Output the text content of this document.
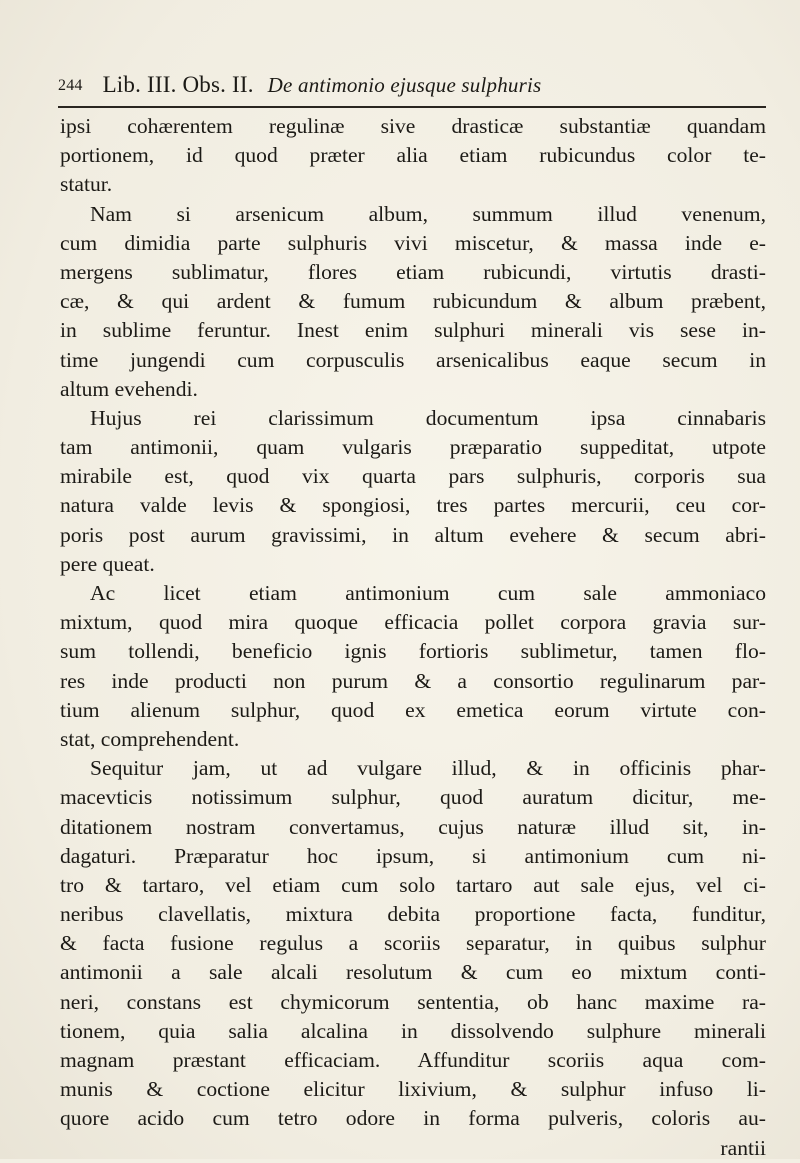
244 Lib. III. Obs. II. De antimonio ejusque sulphuris
ipsi cohærentem regulinæ sive drasticæ substantiæ quandam
portionem, id quod præter alia etiam rubicundus color te-
statur.
Nam si arsenicum album, summum illud venenum,
cum dimidia parte sulphuris vivi miscetur, & massa inde e-
mergens sublimatur, flores etiam rubicundi, virtutis drasti-
cæ, & qui ardent & fumum rubicundum & album præbent,
in sublime feruntur. Inest enim sulphuri minerali vis sese in-
time jungendi cum corpusculis arsenicalibus eaque secum in
altum evehendi.
Hujus rei clarissimum documentum ipsa cinnabaris
tam antimonii, quam vulgaris præparatio suppeditat, utpote
mirabile est, quod vix quarta pars sulphuris, corporis sua
natura valde levis & spongiosi, tres partes mercurii, ceu cor-
poris post aurum gravissimi, in altum evehere & secum abri-
pere queat.
Ac licet etiam antimonium cum sale ammoniaco
mixtum, quod mira quoque efficacia pollet corpora gravia sur-
sum tollendi, beneficio ignis fortioris sublimetur, tamen flo-
res inde producti non purum & a consortio regulinarum par-
tium alienum sulphur, quod ex emetica eorum virtute con-
stat, comprehendent.
Sequitur jam, ut ad vulgare illud, & in officinis phar-
macevticis notissimum sulphur, quod auratum dicitur, me-
ditationem nostram convertamus, cujus naturæ illud sit, in-
dagaturi. Præparatur hoc ipsum, si antimonium cum ni-
tro & tartaro, vel etiam cum solo tartaro aut sale ejus, vel ci-
neribus clavellatis, mixtura debita proportione facta, funditur,
& facta fusione regulus a scoriis separatur, in quibus sulphur
antimonii a sale alcali resolutum & cum eo mixtum conti-
neri, constans est chymicorum sententia, ob hanc maxime ra-
tionem, quia salia alcalina in dissolvendo sulphure minerali
magnam præstant efficaciam. Affunditur scoriis aqua com-
munis & coctione elicitur lixivium, & sulphur infuso li-
quore acido cum tetro odore in forma pulveris, coloris au-
rantii
